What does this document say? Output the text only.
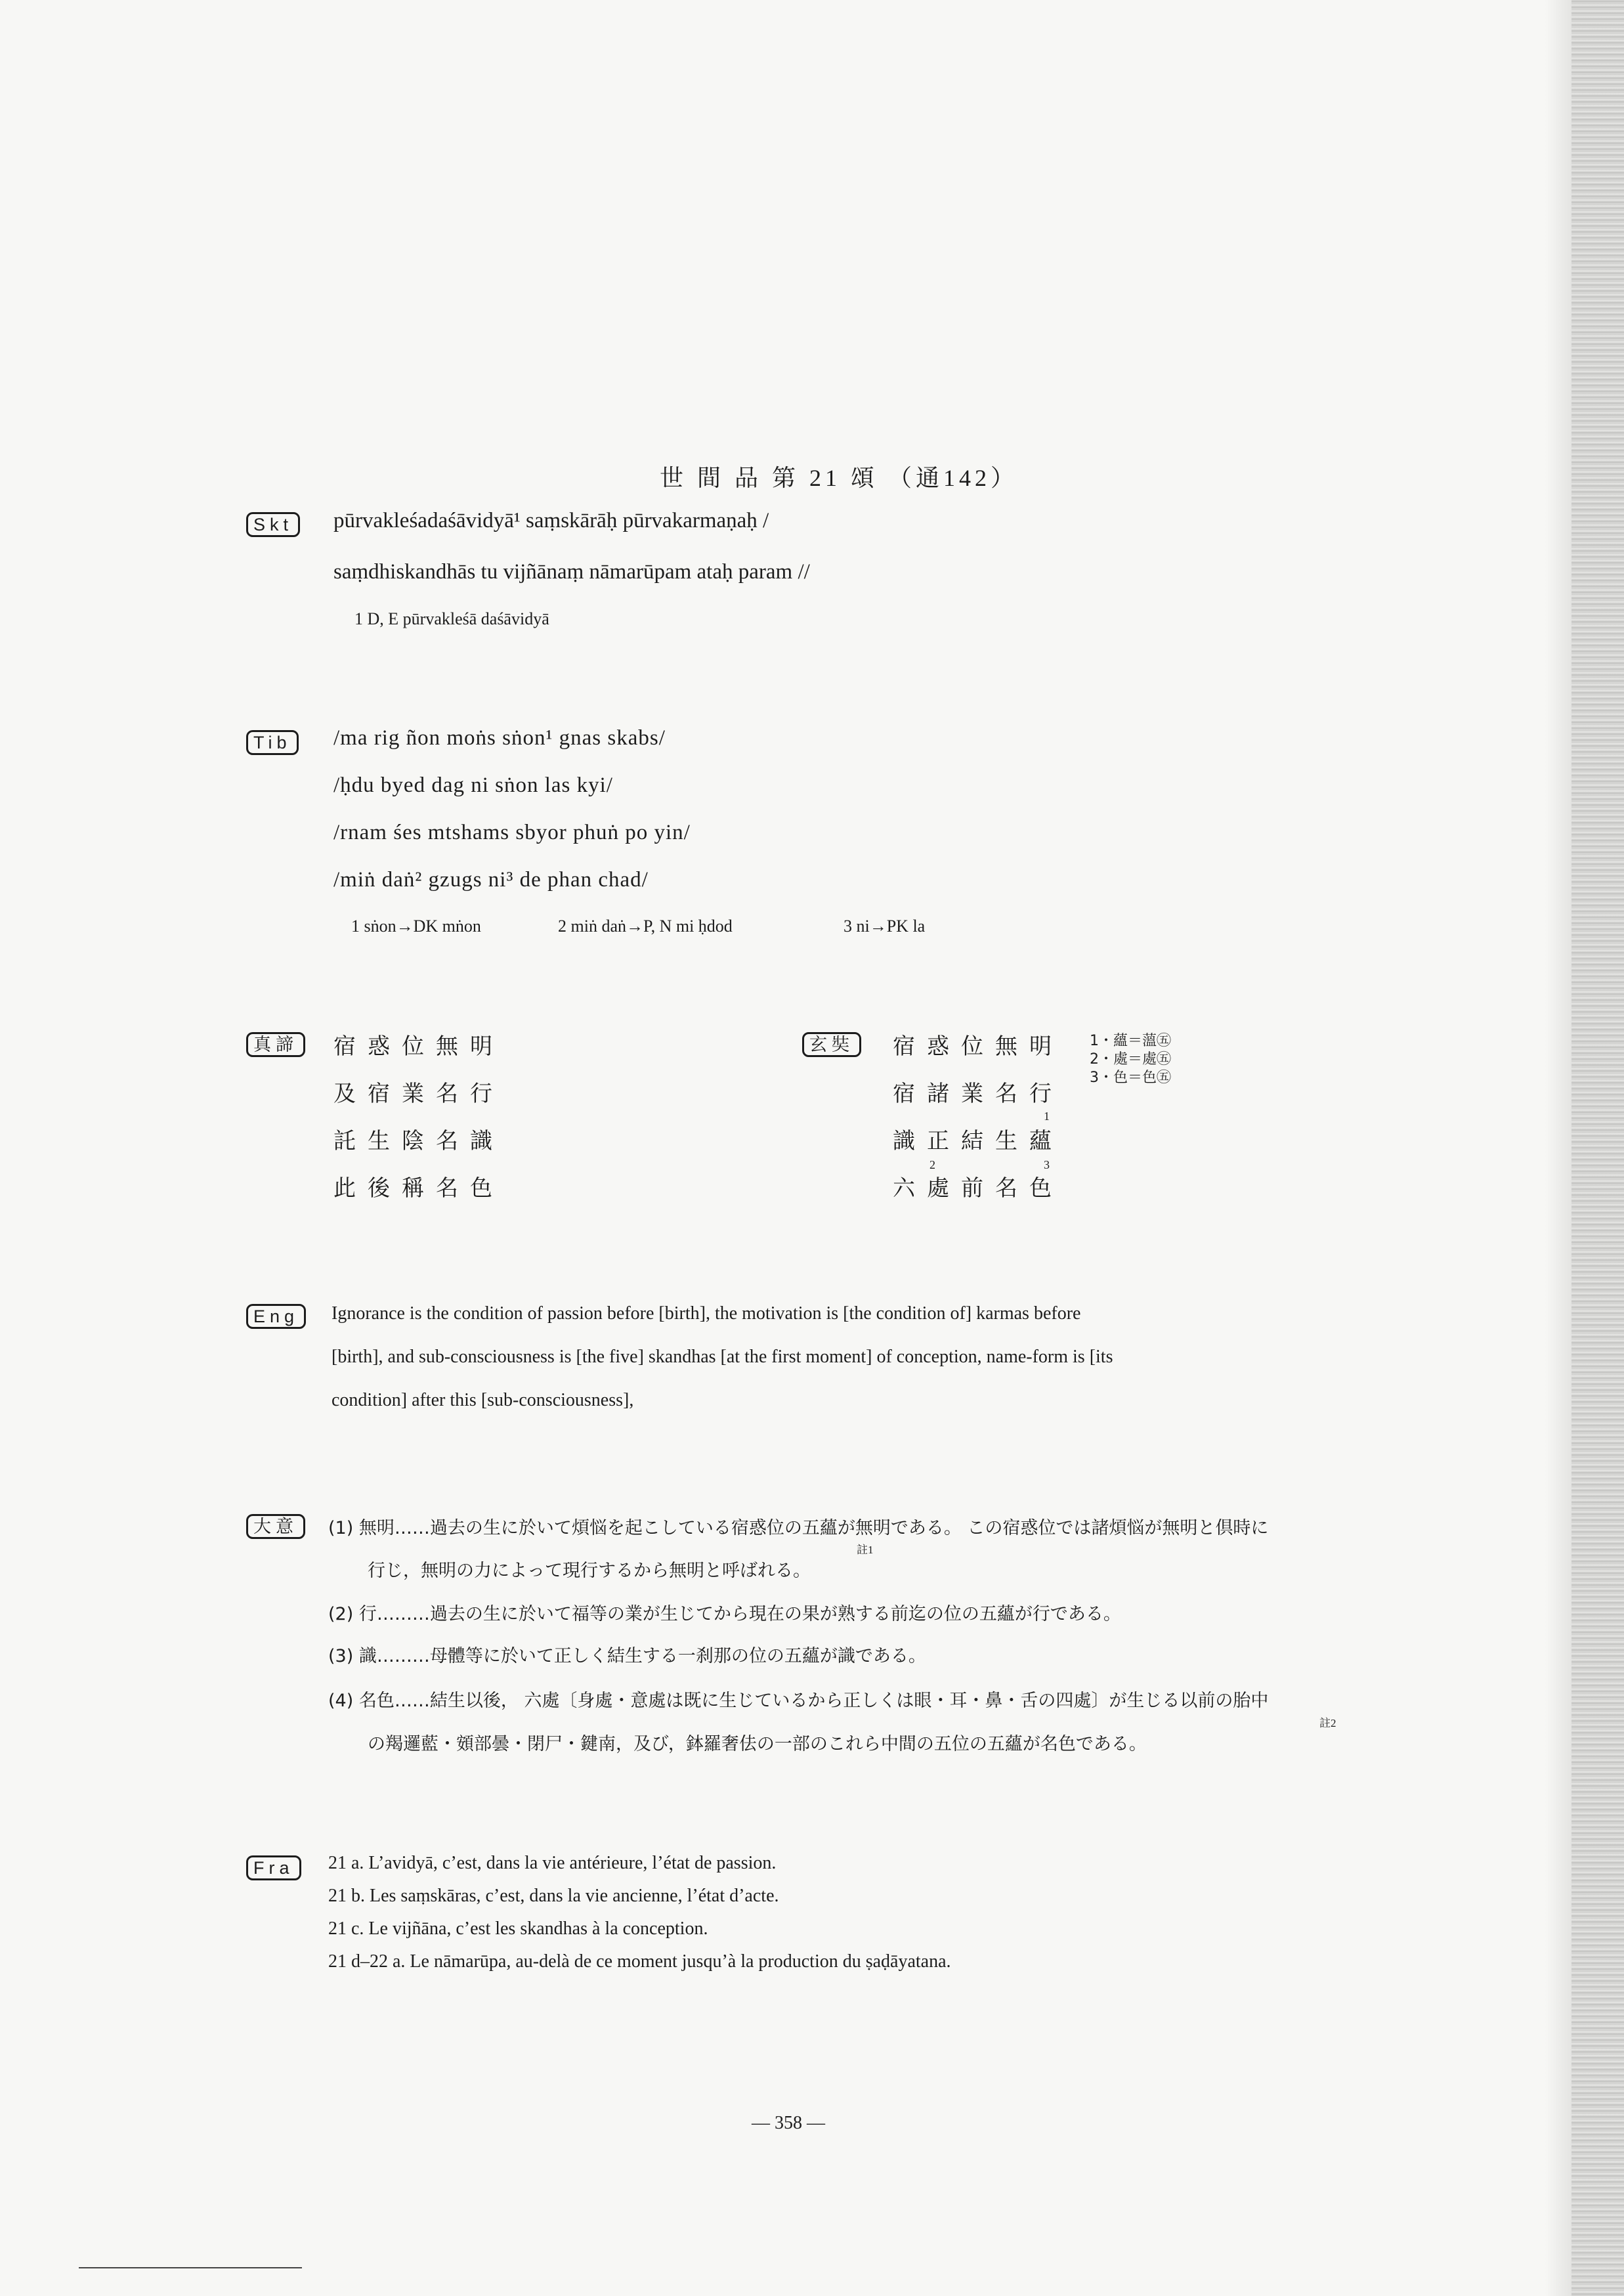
世 間 品 第 21 頌 （通142）
Skt	pūrvakleśadaśāvidyā¹ saṃskārāḥ pūrvakarmaṇaḥ /
saṃdhiskandhās tu vijñānaṃ nāmarūpam ataḥ param //
1 D, E pūrvakleśā daśāvidyā
Tib	/ma rig ñon moṅs sṅon¹ gnas skabs/
/ḥdu byed dag ni sṅon las kyi/
/rnam śes mtshams sbyor phuṅ po yin/
/miṅ daṅ² gzugs ni³ de phan chad/
1 sṅon→DK mṅon	2 miṅ daṅ→P, N mi ḥdod	3 ni→PK la
真諦	宿惑位無明
及宿業名行
託生陰名識
此後稱名色
玄奘	宿惑位無明
宿諸業名行
識正結生蘊
六處前名色
1
2	3
1・蘊＝薀㊄
2・處＝處㊄
3・色＝色㊄
Eng	Ignorance is the condition of passion before [birth], the motivation is [the condition of] karmas before
[birth], and sub-consciousness is [the five] skandhas [at the first moment] of conception, name-form is [its
condition] after this [sub-consciousness],
大意	(1) 無明……過去の生に於いて煩悩を起こしている宿惑位の五蘊が無明である。 この宿惑位では諸煩悩が無明と倶時に
行じ，無明の力によって現行するから無明と呼ばれる。
註1
(2) 行………過去の生に於いて福等の業が生じてから現在の果が熟する前迄の位の五蘊が行である。
(3) 識………母體等に於いて正しく結生する一刹那の位の五蘊が識である。
(4) 名色……結生以後， 六處〔身處・意處は既に生じているから正しくは眼・耳・鼻・舌の四處〕が生じる以前の胎中
の羯邏藍・頞部曇・閉尸・鍵南，及び，鉢羅奢佉の一部のこれら中間の五位の五蘊が名色である。
註2
Fra	21 a. L’avidyā, c’est, dans la vie antérieure, l’état de passion.
21 b. Les saṃskāras, c’est, dans la vie ancienne, l’état d’acte.
21 c. Le vijñāna, c’est les skandhas à la conception.
21 d–22 a. Le nāmarūpa, au-delà de ce moment jusqu’à la production du ṣaḍāyatana.
— 358 —
